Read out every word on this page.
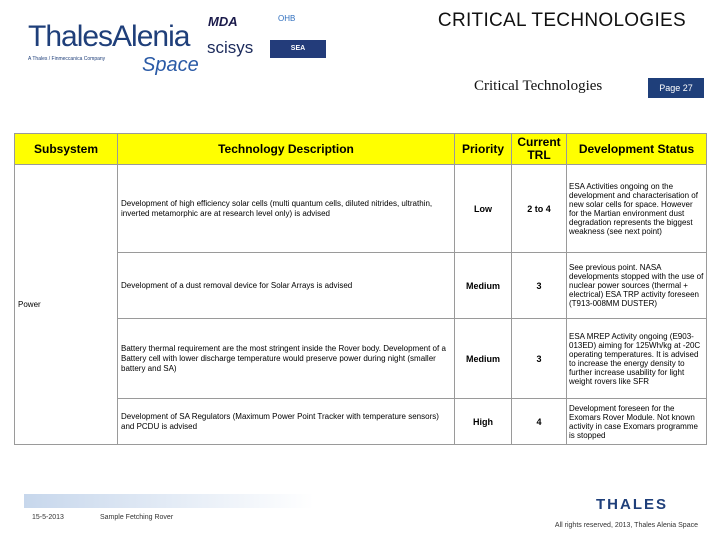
ThalesAlenia
A Thales / Finmeccanica Company Space
MDA	OHB
scisys	SEA
CRITICAL TECHNOLOGIES
Critical Technologies	Page 27
Subsystem	Technology Description	Priority	Current TRL	Development Status
Power	Development of high efficiency solar cells (multi quantum cells, diluted nitrides, ultrathin, inverted metamorphic are at research level only) is advised	Low	2 to 4	ESA Activities ongoing on the development and characterisation of new solar cells for space. However for the Martian environment dust degradation represents the biggest weakness (see next point)
	Development of a dust removal device for Solar Arrays is advised	Medium	3	See previous point. NASA developments stopped with the use of nuclear power sources (thermal + electrical) ESA TRP activity foreseen (T913-008MM DUSTER)
	Battery thermal requirement are the most stringent inside the Rover body. Development of a Battery cell with lower discharge temperature would preserve power during night (smaller battery and SA)	Medium	3	ESA MREP Activity ongoing (E903-013ED) aiming for 125Wh/kg at -20C operating temperatures. It is advised to increase the energy density to further increase usability for light weight rovers like SFR
	Development of SA Regulators (Maximum Power Point Tracker with temperature sensors) and PCDU is advised	High	4	Development foreseen for the Exomars Rover Module. Not known activity in case Exomars programme is stopped
15-5-2013	Sample Fetching Rover
THALES
All rights reserved, 2013, Thales Alenia Space
